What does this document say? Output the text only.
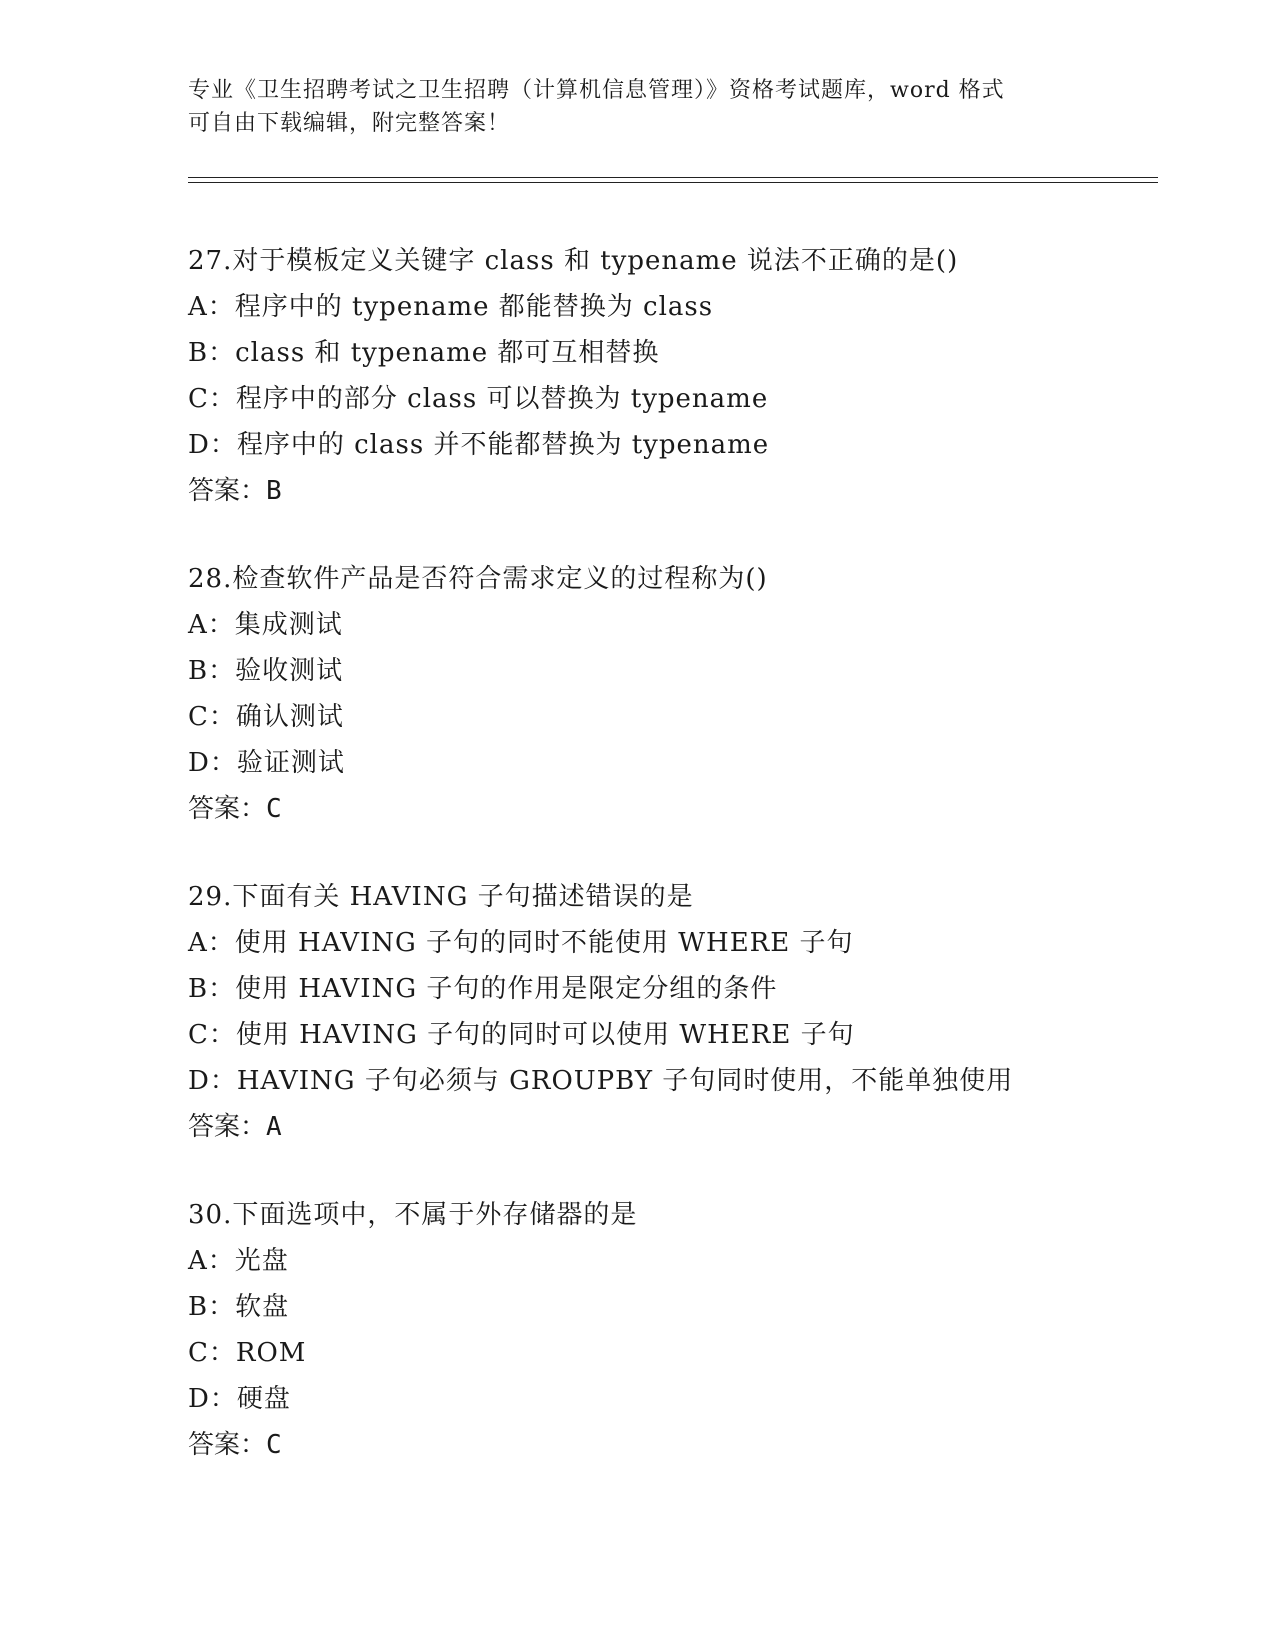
专业《卫生招聘考试之卫生招聘（计算机信息管理）》资格考试题库，word 格式
可自由下载编辑，附完整答案！
27.对于模板定义关键字 class 和 typename 说法不正确的是()
A：程序中的 typename 都能替换为 class
B：class 和 typename 都可互相替换
C：程序中的部分 class 可以替换为 typename
D：程序中的 class 并不能都替换为 typename
答案：B
28.检查软件产品是否符合需求定义的过程称为()
A：集成测试
B：验收测试
C：确认测试
D：验证测试
答案：C
29.下面有关 HAVING 子句描述错误的是
A：使用 HAVING 子句的同时不能使用 WHERE 子句
B：使用 HAVING 子句的作用是限定分组的条件
C：使用 HAVING 子句的同时可以使用 WHERE 子句
D：HAVING 子句必须与 GROUPBY 子句同时使用，不能单独使用
答案：A
30.下面选项中，不属于外存储器的是
A：光盘
B：软盘
C：ROM
D：硬盘
答案：C
